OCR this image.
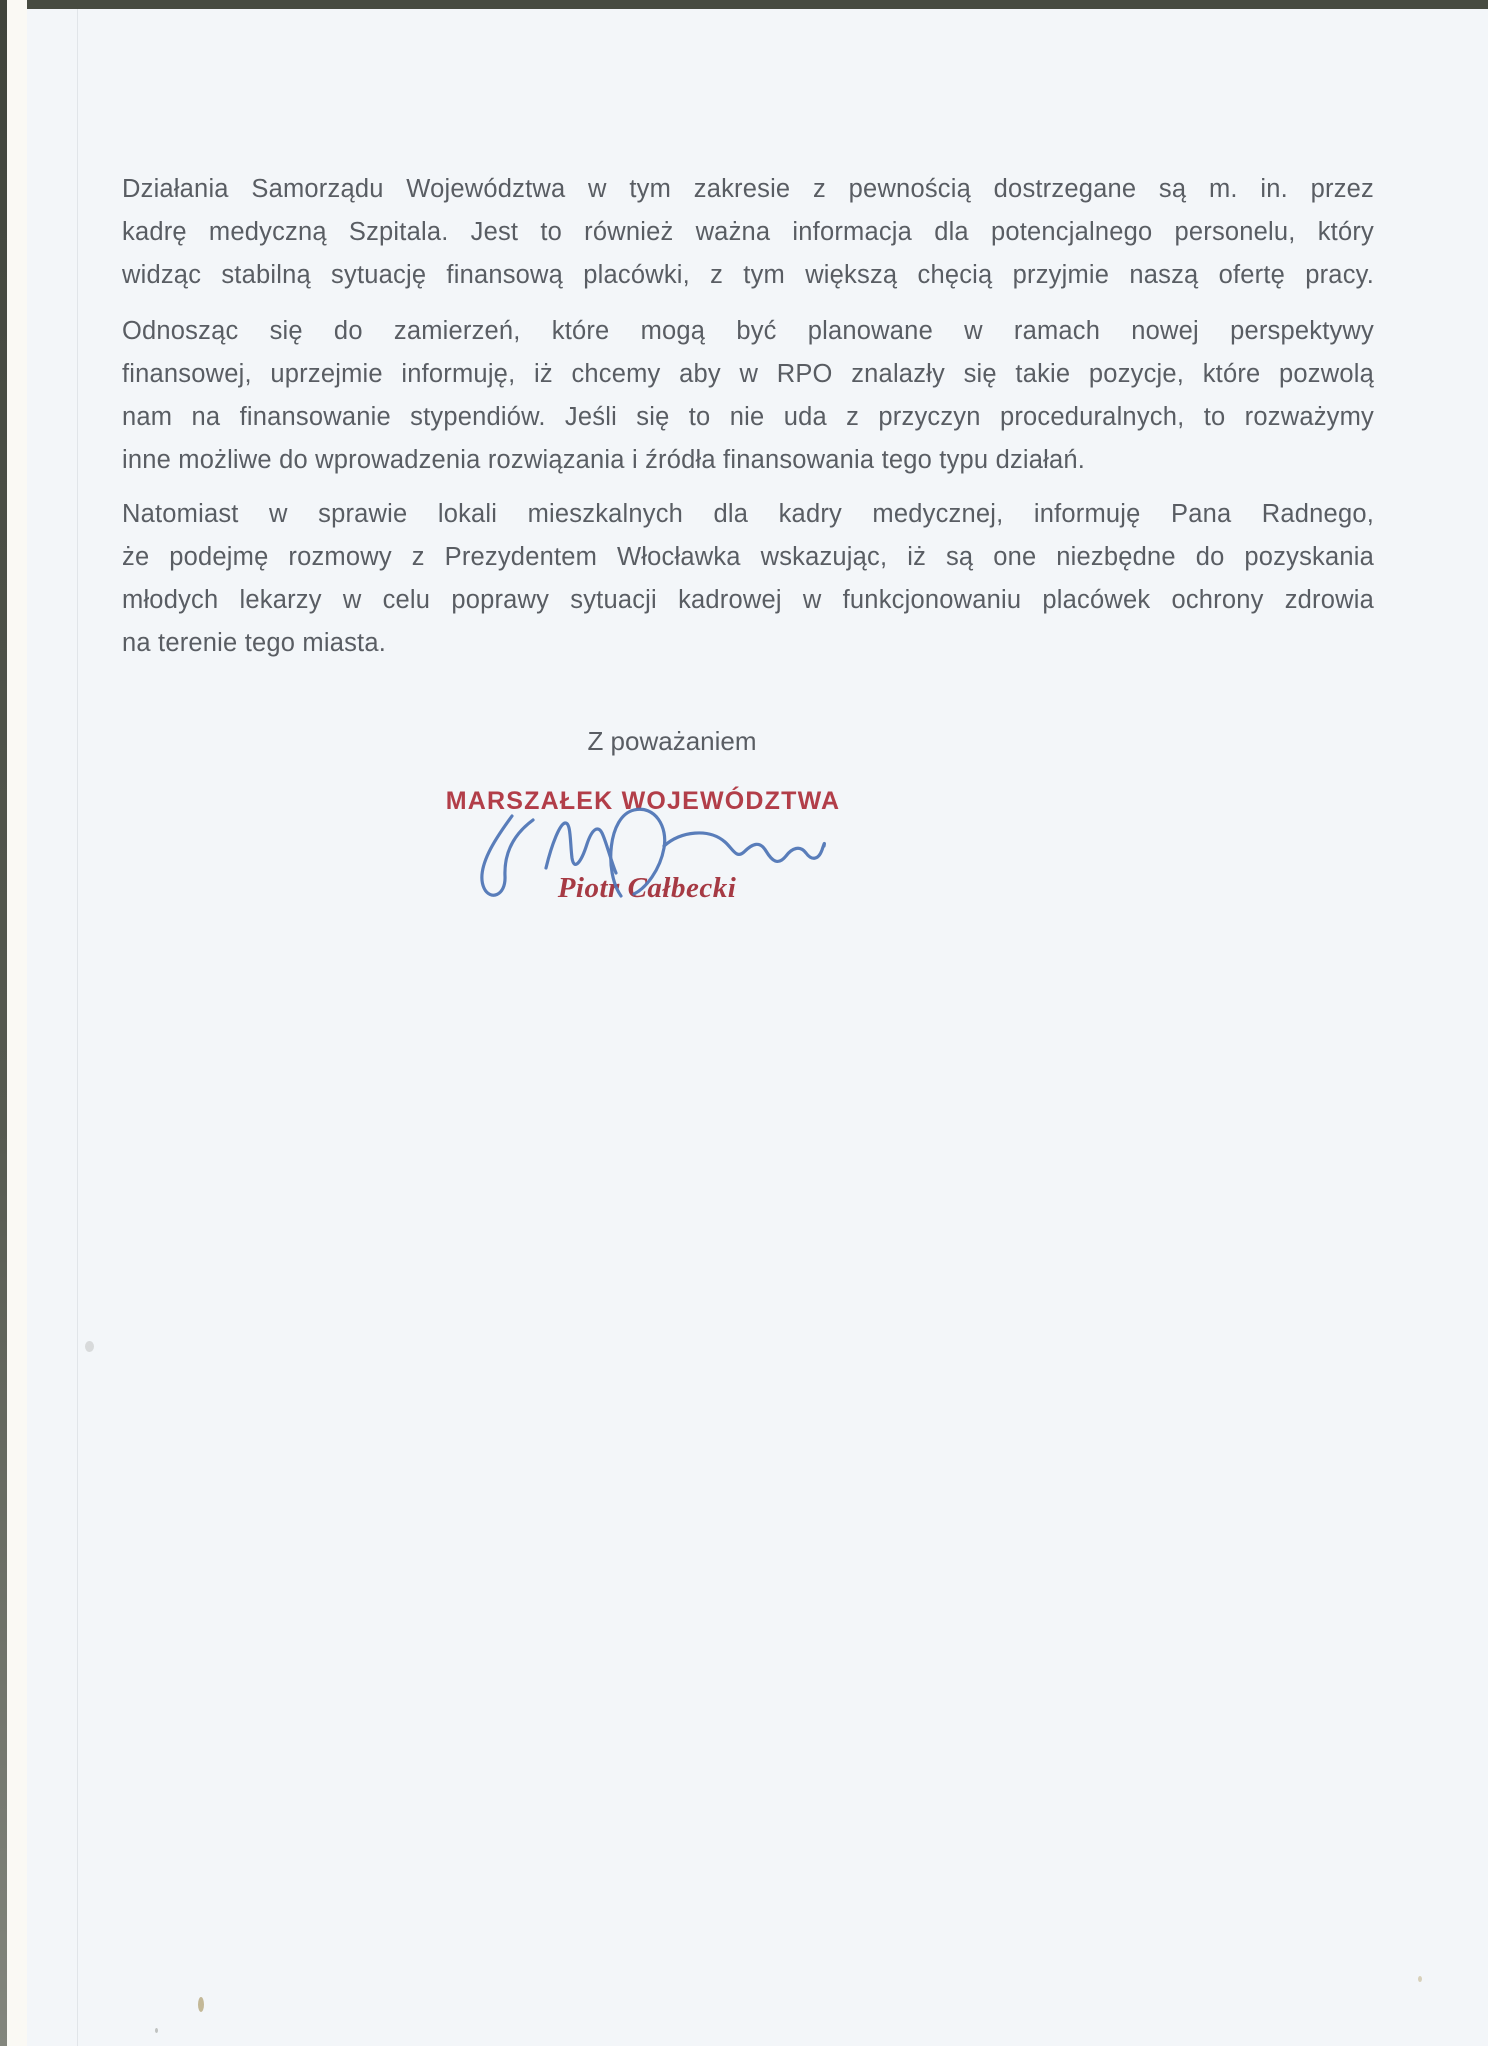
Działania Samorządu Województwa w tym zakresie z pewnością dostrzegane są m. in. przez
kadrę medyczną Szpitala. Jest to również ważna informacja dla potencjalnego personelu, który
widząc stabilną sytuację finansową placówki, z tym większą chęcią przyjmie naszą ofertę pracy.
Odnosząc się do zamierzeń, które mogą być planowane w ramach nowej perspektywy
finansowej, uprzejmie informuję, iż chcemy aby w RPO znalazły się takie pozycje, które pozwolą
nam na finansowanie stypendiów. Jeśli się to nie uda z przyczyn proceduralnych, to rozważymy
inne możliwe do wprowadzenia rozwiązania i źródła finansowania tego typu działań.
Natomiast w sprawie lokali mieszkalnych dla kadry medycznej, informuję Pana Radnego,
że podejmę rozmowy z Prezydentem Włocławka wskazując, iż są one niezbędne do pozyskania
młodych lekarzy w celu poprawy sytuacji kadrowej w funkcjonowaniu placówek ochrony zdrowia
na terenie tego miasta.
Z poważaniem
MARSZAŁEK WOJEWÓDZTWA
Piotr Całbecki
